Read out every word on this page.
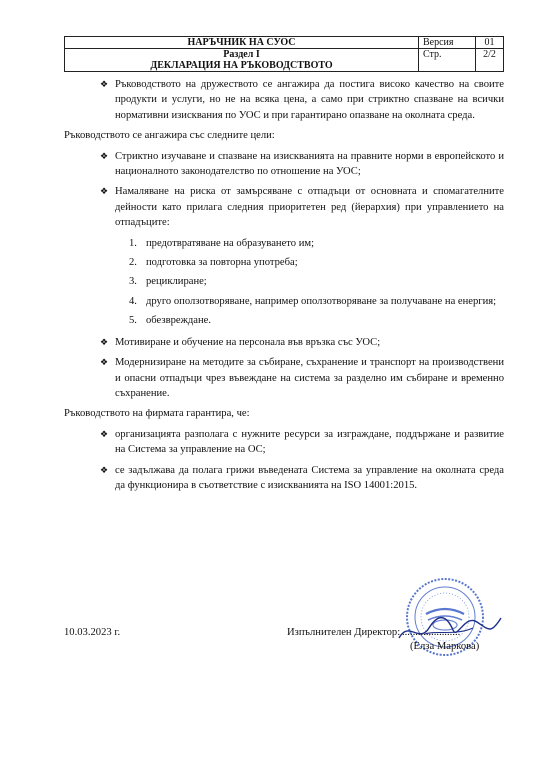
НАРЪЧНИК НА СУОС	Версия	01

Раздел I
ДЕКЛАРАЦИЯ НА РЪКОВОДСТВОТО	Стр.	2/2
❖ Ръководството на дружеството се ангажира да постига високо качество на своите продукти и услуги, но не на всяка цена, а само при стриктно спазване на всички нормативни изисквания по УОС и при гарантирано опазване на околната среда.
Ръководството се ангажира със следните цели:
❖ Стриктно изучаване и спазване на изискванията на правните норми в европейското и националното законодателство по отношение на УОС;
❖ Намаляване на риска от замърсяване с отпадъци от основната и спомагателните дейности като прилага следния приоритетен ред (йерархия) при управлението на отпадъците:
1. предотвратяване на образуването им;
2. подготовка за повторна употреба;
3. рециклиране;
4. друго оползотворяване, например оползотворяване за получаване на енергия;
5. обезвреждане.
❖ Мотивиране и обучение на персонала във връзка със УОС;
❖ Модернизиране на методите за събиране, съхранение и транспорт на производствени и опасни отпадъци чрез въвеждане на система за разделно им събиране и временно съхранение.
Ръководството на фирмата гарантира, че:
❖ организацията разполага с нужните ресурси за изграждане, поддържане и развитие на Система за управление на ОС;
❖ се задължава да полага грижи въведената Система за управление на околната среда да функционира в съответствие с изискванията на ISO 14001:2015.
10.03.2023 г.	Изпълнителен Директор: ......................
(Елза Маркова)
